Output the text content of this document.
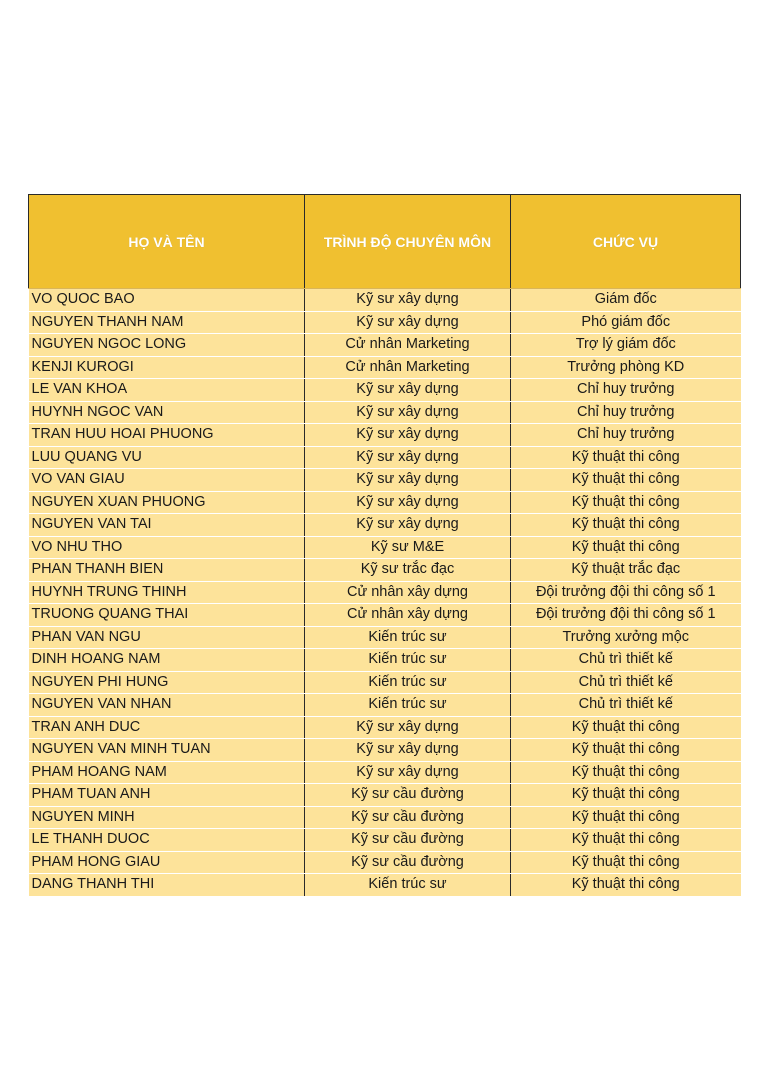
HỌ VÀ TÊN	TRÌNH ĐỘ CHUYÊN MÔN	CHỨC VỤ
VO QUOC BAO	Kỹ sư xây dựng	Giám đốc
NGUYEN THANH NAM	Kỹ sư xây dựng	Phó giám đốc
NGUYEN NGOC LONG	Cử nhân Marketing	Trợ lý giám đốc
KENJI KUROGI	Cử nhân Marketing	Trưởng phòng KD
LE VAN KHOA	Kỹ sư xây dựng	Chỉ huy trưởng
HUYNH NGOC VAN	Kỹ sư xây dựng	Chỉ huy trưởng
TRAN HUU HOAI PHUONG	Kỹ sư xây dựng	Chỉ huy trưởng
LUU QUANG VU	Kỹ sư xây dựng	Kỹ thuật thi công
VO VAN GIAU	Kỹ sư xây dựng	Kỹ thuật thi công
NGUYEN XUAN PHUONG	Kỹ sư xây dựng	Kỹ thuật thi công
NGUYEN VAN TAI	Kỹ sư xây dựng	Kỹ thuật thi công
VO NHU THO	Kỹ sư M&E	Kỹ thuật thi công
PHAN THANH BIEN	Kỹ sư trắc đạc	Kỹ thuật trắc đạc
HUYNH TRUNG THINH	Cử nhân xây dựng	Đội trưởng đội thi công số 1
TRUONG QUANG THAI	Cử nhân xây dựng	Đội trưởng đội thi công số 1
PHAN VAN NGU	Kiến trúc sư	Trưởng xưởng mộc
DINH HOANG NAM	Kiến trúc sư	Chủ trì thiết kế
NGUYEN PHI HUNG	Kiến trúc sư	Chủ trì thiết kế
NGUYEN VAN NHAN	Kiến trúc sư	Chủ trì thiết kế
TRAN ANH DUC	Kỹ sư xây dựng	Kỹ thuật thi công
NGUYEN VAN MINH TUAN	Kỹ sư xây dựng	Kỹ thuật thi công
PHAM HOANG NAM	Kỹ sư xây dựng	Kỹ thuật thi công
PHAM TUAN ANH	Kỹ sư cầu đường	Kỹ thuật thi công
NGUYEN MINH	Kỹ sư cầu đường	Kỹ thuật thi công
LE THANH DUOC	Kỹ sư cầu đường	Kỹ thuật thi công
PHAM HONG GIAU	Kỹ sư cầu đường	Kỹ thuật thi công
DANG THANH THI	Kiến trúc sư	Kỹ thuật thi công
